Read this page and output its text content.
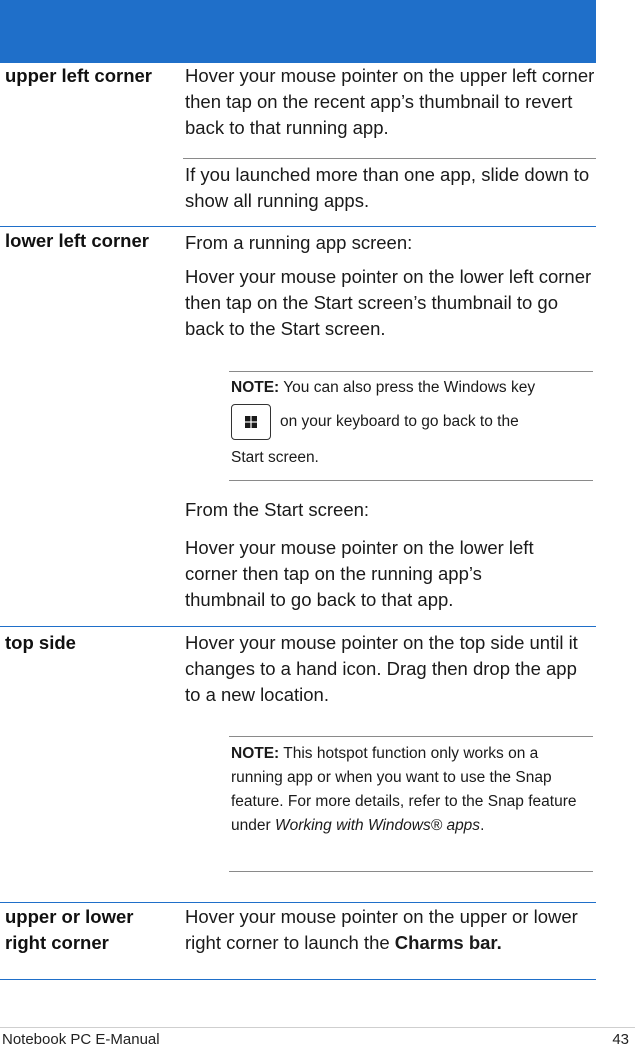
upper left corner Hover your mouse pointer on the upper left corner then tap on the recent app’s thumbnail to revert back to that running app.
If you launched more than one app, slide down to show all running apps.
lower left corner From a running app screen:
Hover your mouse pointer on the lower left corner then tap on the Start screen’s thumbnail to go back to the Start screen.
NOTE: You can also press the Windows key
on your keyboard to go back to the
Start screen.
From the Start screen:
Hover your mouse pointer on the lower left corner then tap on the running app’s thumbnail to go back to that app.
top side	Hover your mouse pointer on the top side until it changes to a hand icon. Drag then drop the app to a new location.
NOTE: This hotspot function only works on a running app or when you want to use the Snap feature. For more details, refer to the Snap feature under Working with Windows® apps.
upper or lower
right corner
Hover your mouse pointer on the upper or lower right corner to launch the Charms bar.
Notebook PC E-Manual	43
